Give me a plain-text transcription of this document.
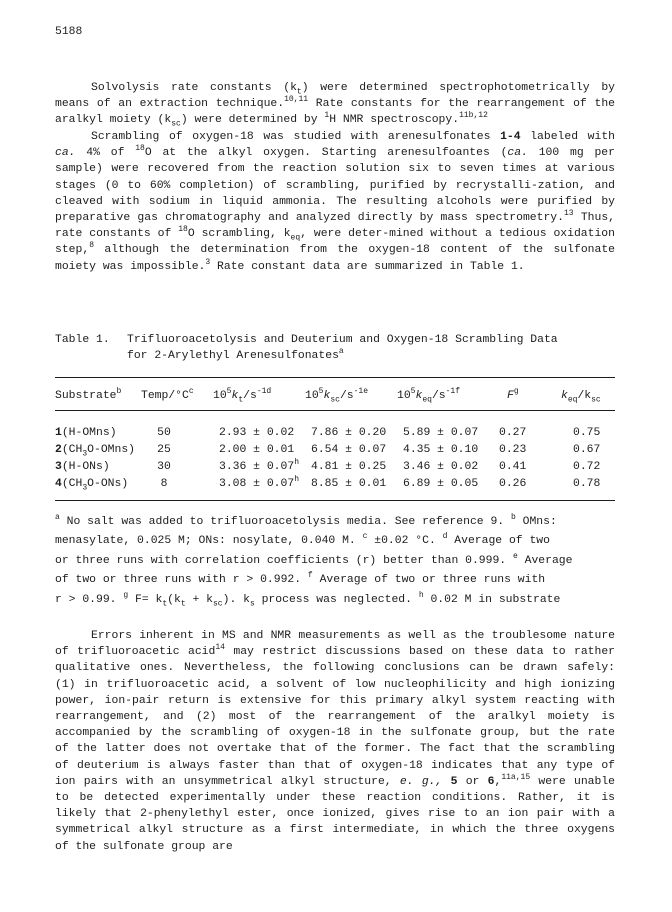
5188

Solvolysis rate constants $(k_t)$ were determined spectrophotometrically by means of an extraction technique.$^{10,11}$ Rate constants for the rearrangement of the aralkyl moiety $(k_{sc})$ were determined by $^1$H NMR spectroscopy.$^{11b,12}$

Scrambling of oxygen-18 was studied with arenesulfonates 1-4 labeled with ca. 4% of $^{18}$O at the alkyl oxygen. Starting arenesulfoantes (ca. 100 mg per sample) were recovered from the reaction solution six to seven times at various stages (0 to 60% completion) of scrambling, purified by recrystalli-zation, and cleaved with sodium in liquid ammonia. The resulting alcohols were purified by preparative gas chromatography and analyzed directly by mass spectrometry.$^{13}$ Thus, rate constants of $^{18}$O scrambling, $k_{eq}$, were deter-mined without a tedious oxidation step,$^8$ although the determination from the oxygen-18 content of the sulfonate moiety was impossible.$^3$ Rate constant data are summarized in Table 1.

Table 1. Trifluoroacetolysis and Deuterium and Oxygen-18 Scrambling Data
for 2-Arylethyl Arenesulfonates$^a$
Substrate$^b$	Temp/$^\circ C^c$	$10^5k_t/s^{-1d}$	$10^5k_{sc}/s^{-1e}$	$10^5k_{eq}/s^{-1f}$	$F^g$	$k_{eq}/k_{sc}$
1(H-OMns)	50	2.93 ± 0.02	7.86 ± 0.20	5.89 ± 0.07	0.27	0.75
$2(CH_3O-OMns)$	25	2.00 ± 0.01	6.54 ± 0.07	4.35 ± 0.10	0.23	0.67
3(H-ONs)	30	3.36 ± 0.07$^h$	4.81 ± 0.25	3.46 ± 0.02	0.41	0.72
$4(CH_3O-ONs)$	8	3.08 ± 0.07$^h$	8.85 ± 0.01	6.89 ± 0.05	0.26	0.78
$^a$ No salt was added to trifluoroacetolysis media. See reference 9. $^b$ OMns:
menasylate, 0.025 M; ONs: nosylate, 0.040 M. $^c$ ±0.02 °C. $^d$ Average of two
or three runs with correlation coefficients (r) better than 0.999. $^e$ Average
of two or three runs with r > 0.992. $^f$ Average of two or three runs with
r > 0.99. $^g$ $F= k_t(k_t + k_{sc})$. $k_s$ process was neglected. $^h$ 0.02 M in substrate

Errors inherent in MS and NMR measurements as well as the troublesome nature of trifluoroacetic acid$^{14}$ may restrict discussions based on these data to rather qualitative ones. Nevertheless, the following conclusions can be drawn safely: (1) in trifluoroacetic acid, a solvent of low nucleophilicity and high ionizing power, ion-pair return is extensive for this primary alkyl system reacting with rearrangement, and (2) most of the rearrangement of the aralkyl moiety is accompanied by the scrambling of oxygen-18 in the sulfonate group, but the rate of the latter does not overtake that of the former. The fact that the scrambling of deuterium is always faster than that of oxygen-18 indicates that any type of ion pairs with an unsymmetrical alkyl structure, e. g., 5 or 6,$^{11a,15}$ were unable to be detected experimentally under these reaction conditions. Rather, it is likely that 2-phenylethyl ester, once ionized, gives rise to an ion pair with a symmetrical alkyl structure as a first intermediate, in which the three oxygens of the sulfonate group are
